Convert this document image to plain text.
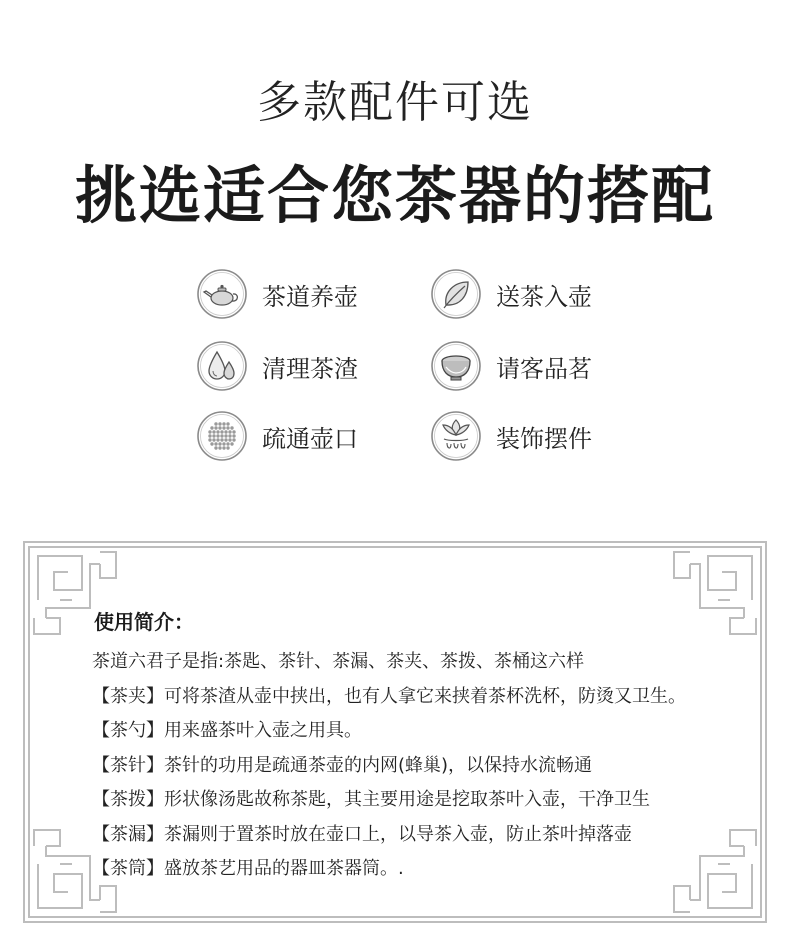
多款配件可选
挑选适合您茶器的搭配
茶道养壶	送茶入壶
清理茶渣	请客品茗
疏通壶口	装饰摆件
使用简介：
茶道六君子是指:茶匙、茶针、茶漏、茶夹、茶拨、茶桶这六样
【茶夹】可将茶渣从壶中挟出，也有人拿它来挟着茶杯洗杯，防烫又卫生。
【茶勺】用来盛茶叶入壶之用具。
【茶针】茶针的功用是疏通茶壶的内网(蜂巢)，以保持水流畅通
【茶拨】形状像汤匙故称茶匙，其主要用途是挖取茶叶入壶，干净卫生
【茶漏】茶漏则于置茶时放在壶口上，以导茶入壶，防止茶叶掉落壶
【茶筒】盛放茶艺用品的器皿茶器筒。.
